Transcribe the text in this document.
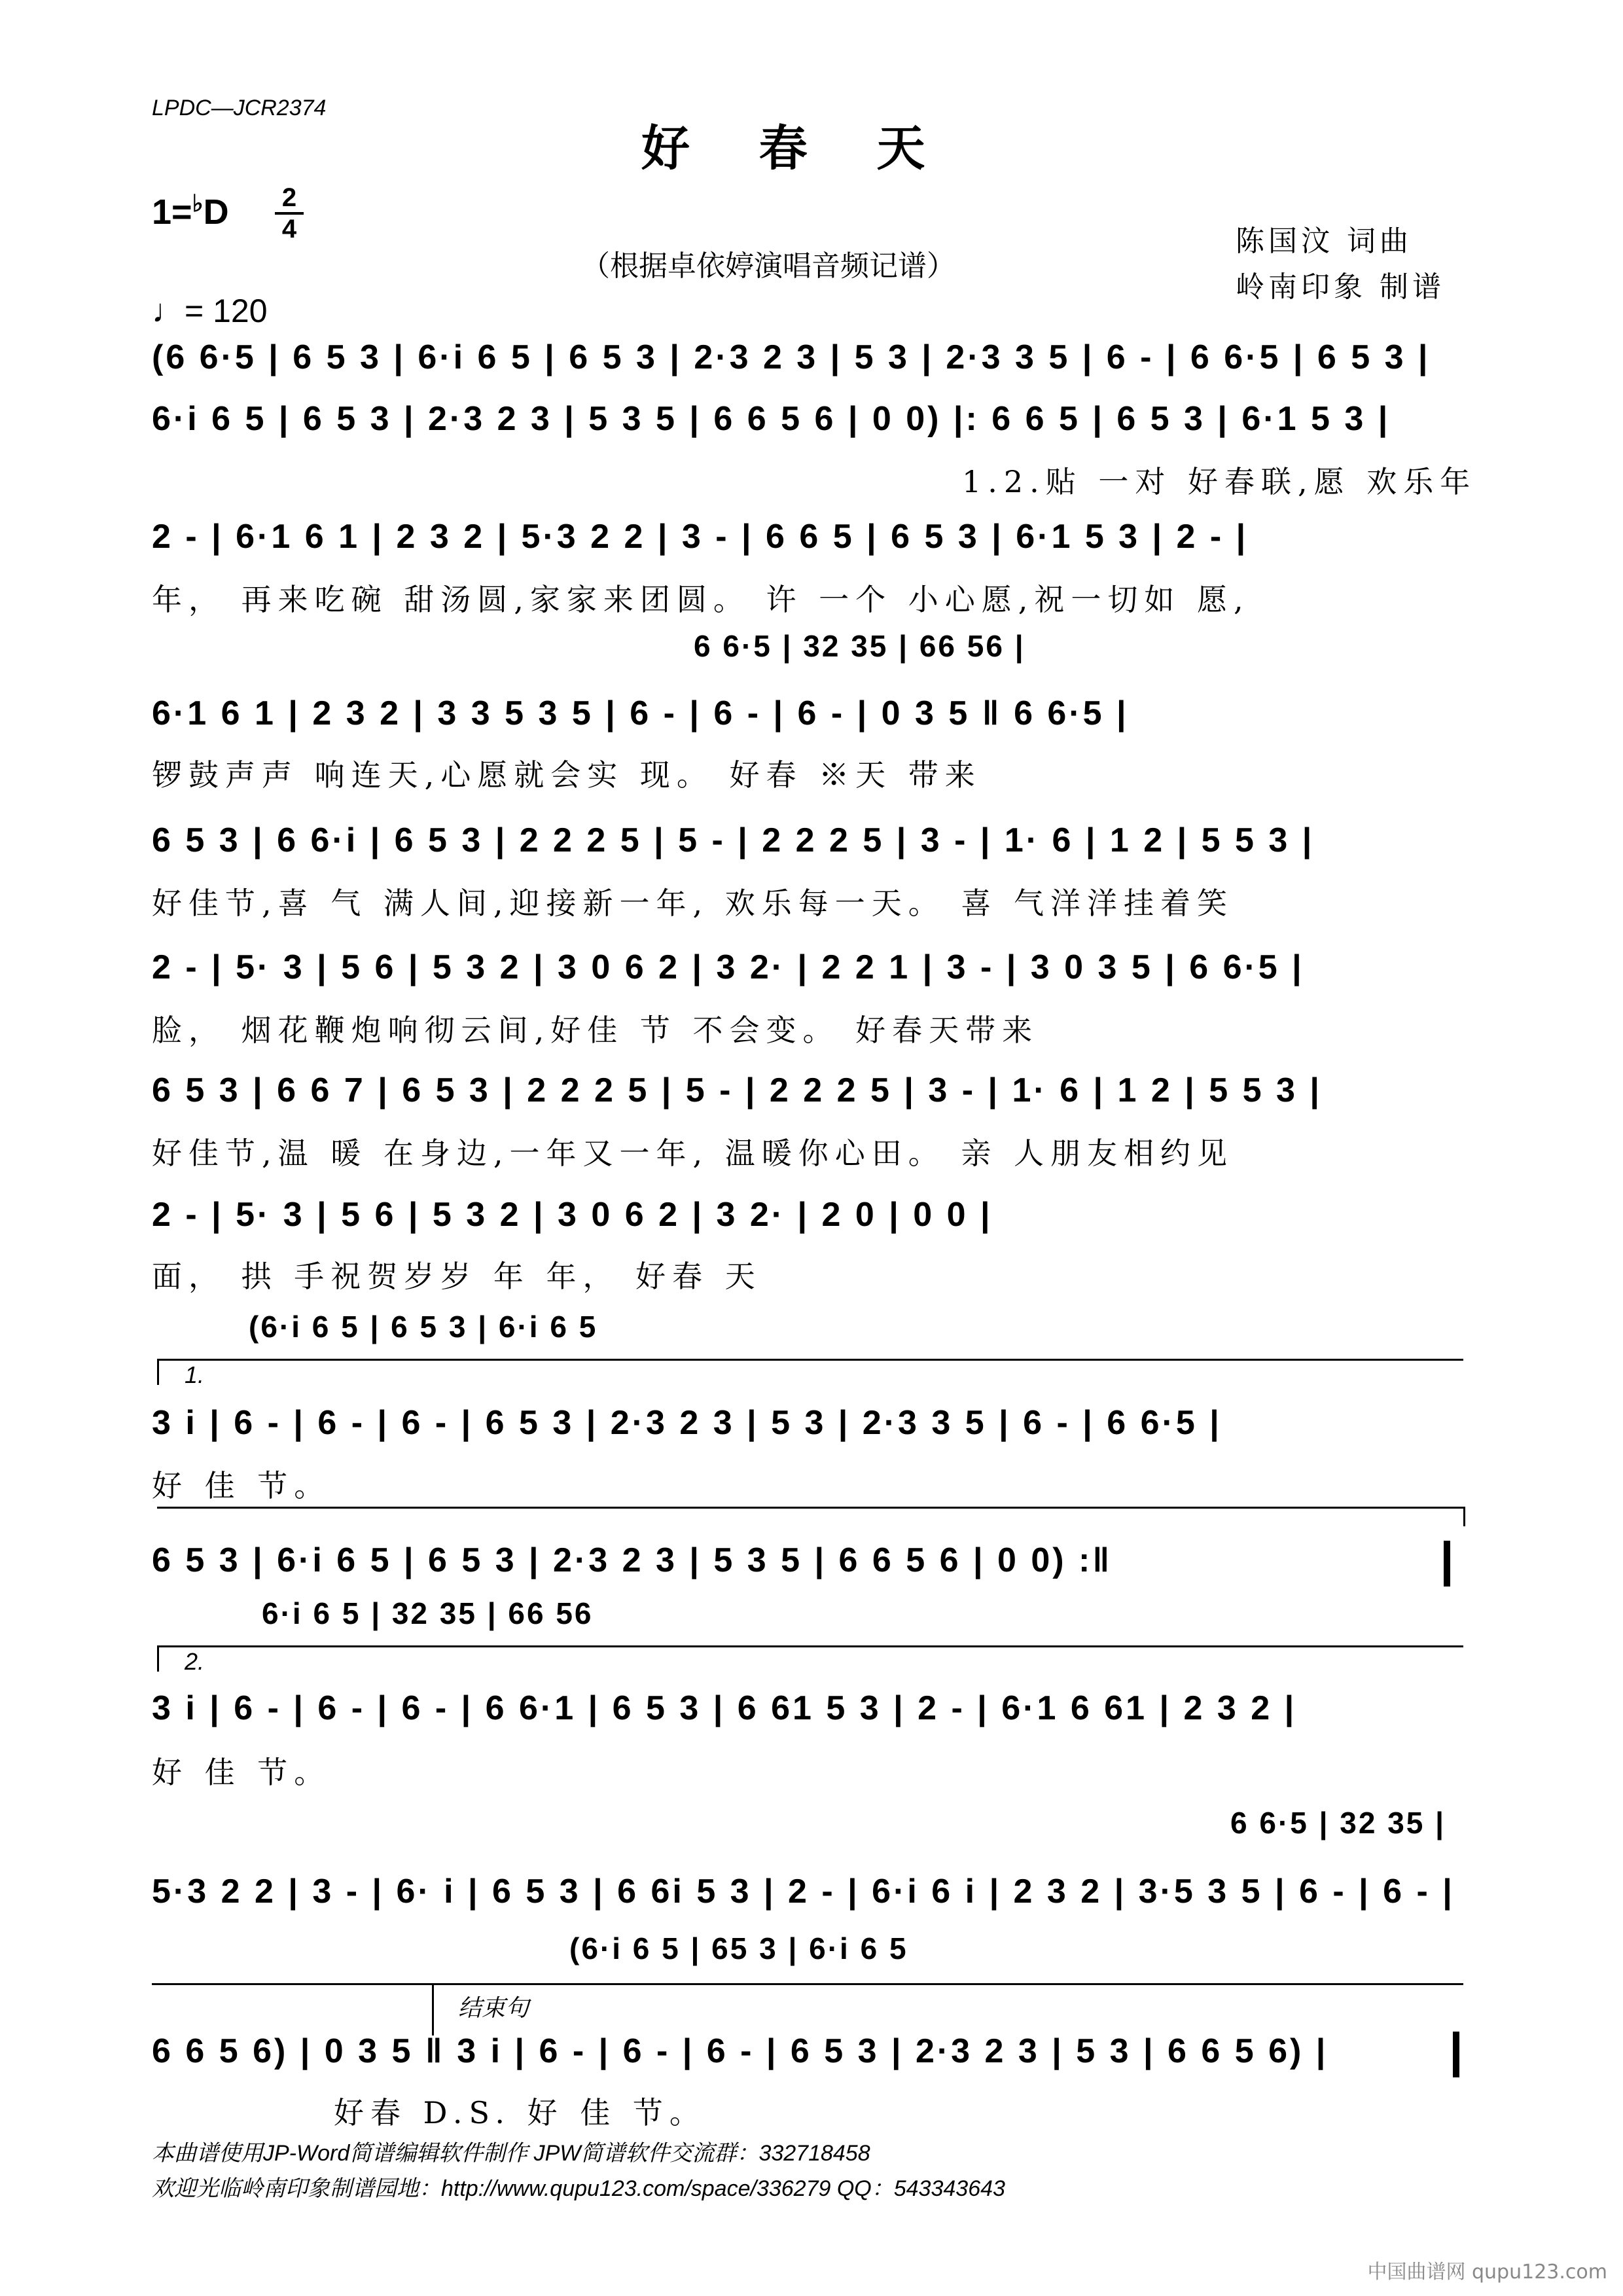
LPDC—JCR2374
好 春 天
1=♭D 2
4
（根据卓依婷演唱音频记谱）
陈国汶 词曲
岭南印象 制谱
♩= 120
(6 6·5 | 6 5 3 | 6·i 6 5 | 6 5 3 | 2·3 2 3 | 5 3 | 2·3 3 5 | 6 - | 6 6·5 | 6 5 3 |
6·i 6 5 | 6 5 3 | 2·3 2 3 | 5 3 5 | 6 6 5 6 | 0 0) |: 6 6 5 | 6 5 3 | 6·1 5 3 |
1.2.贴 一对 好春联,愿 欢乐年
2 - | 6·1 6 1 | 2 3 2 | 5·3 2 2 | 3 - | 6 6 5 | 6 5 3 | 6·1 5 3 | 2 - |
年， 再来吃碗 甜汤圆,家家来团圆。 许 一个 小心愿,祝一切如 愿,
6 6·5 | 32 35 | 66 56 |
6·1 6 1 | 2 3 2 | 3 3 5 3 5 | 6 - | 6 - | 6 - | 0 3 5 ‖ 6 6·5 |
锣鼓声声 响连天,心愿就会实 现。 好春 ※天 带来
6 5 3 | 6 6·i | 6 5 3 | 2 2 2 5 | 5 - | 2 2 2 5 | 3 - | 1· 6 | 1 2 | 5 5 3 |
好佳节,喜 气 满人间,迎接新一年, 欢乐每一天。 喜 气洋洋挂着笑
2 - | 5· 3 | 5 6 | 5 3 2 | 3 0 6 2 | 3 2· | 2 2 1 | 3 - | 3 0 3 5 | 6 6·5 |
脸， 烟花鞭炮响彻云间,好佳 节 不会变。 好春天带来
6 5 3 | 6 6 7 | 6 5 3 | 2 2 2 5 | 5 - | 2 2 2 5 | 3 - | 1· 6 | 1 2 | 5 5 3 |
好佳节,温 暖 在身边,一年又一年, 温暖你心田。 亲 人朋友相约见
2 - | 5· 3 | 5 6 | 5 3 2 | 3 0 6 2 | 3 2· | 2 0 | 0 0 |
面， 拱 手祝贺岁岁 年 年， 好春 天
(6·i 6 5 | 6 5 3 | 6·i 6 5
1.
3 i | 6 - | 6 - | 6 - | 6 5 3 | 2·3 2 3 | 5 3 | 2·3 3 5 | 6 - | 6 6·5 |
好 佳 节。
6 5 3 | 6·i 6 5 | 6 5 3 | 2·3 2 3 | 5 3 5 | 6 6 5 6 | 0 0) :‖
6·i 6 5 | 32 35 | 66 56
2.
3 i | 6 - | 6 - | 6 - | 6 6·1 | 6 5 3 | 6 61 5 3 | 2 - | 6·1 6 61 | 2 3 2 |
好 佳 节。
6 6·5 | 32 35 |
5·3 2 2 | 3 - | 6· i | 6 5 3 | 6 6i 5 3 | 2 - | 6·i 6 i | 2 3 2 | 3·5 3 5 | 6 - | 6 - |
(6·i 6 5 | 65 3 | 6·i 6 5
结束句
6 6 5 6) | 0 3 5 ‖ 3 i | 6 - | 6 - | 6 - | 6 5 3 | 2·3 2 3 | 5 3 | 6 6 5 6) |
好春 D.S. 好 佳 节。
本曲谱使用JP-Word简谱编辑软件制作 JPW简谱软件交流群：332718458
欢迎光临岭南印象制谱园地：http://www.qupu123.com/space/336279 QQ：543343643
中国曲谱网 qupu123.com
